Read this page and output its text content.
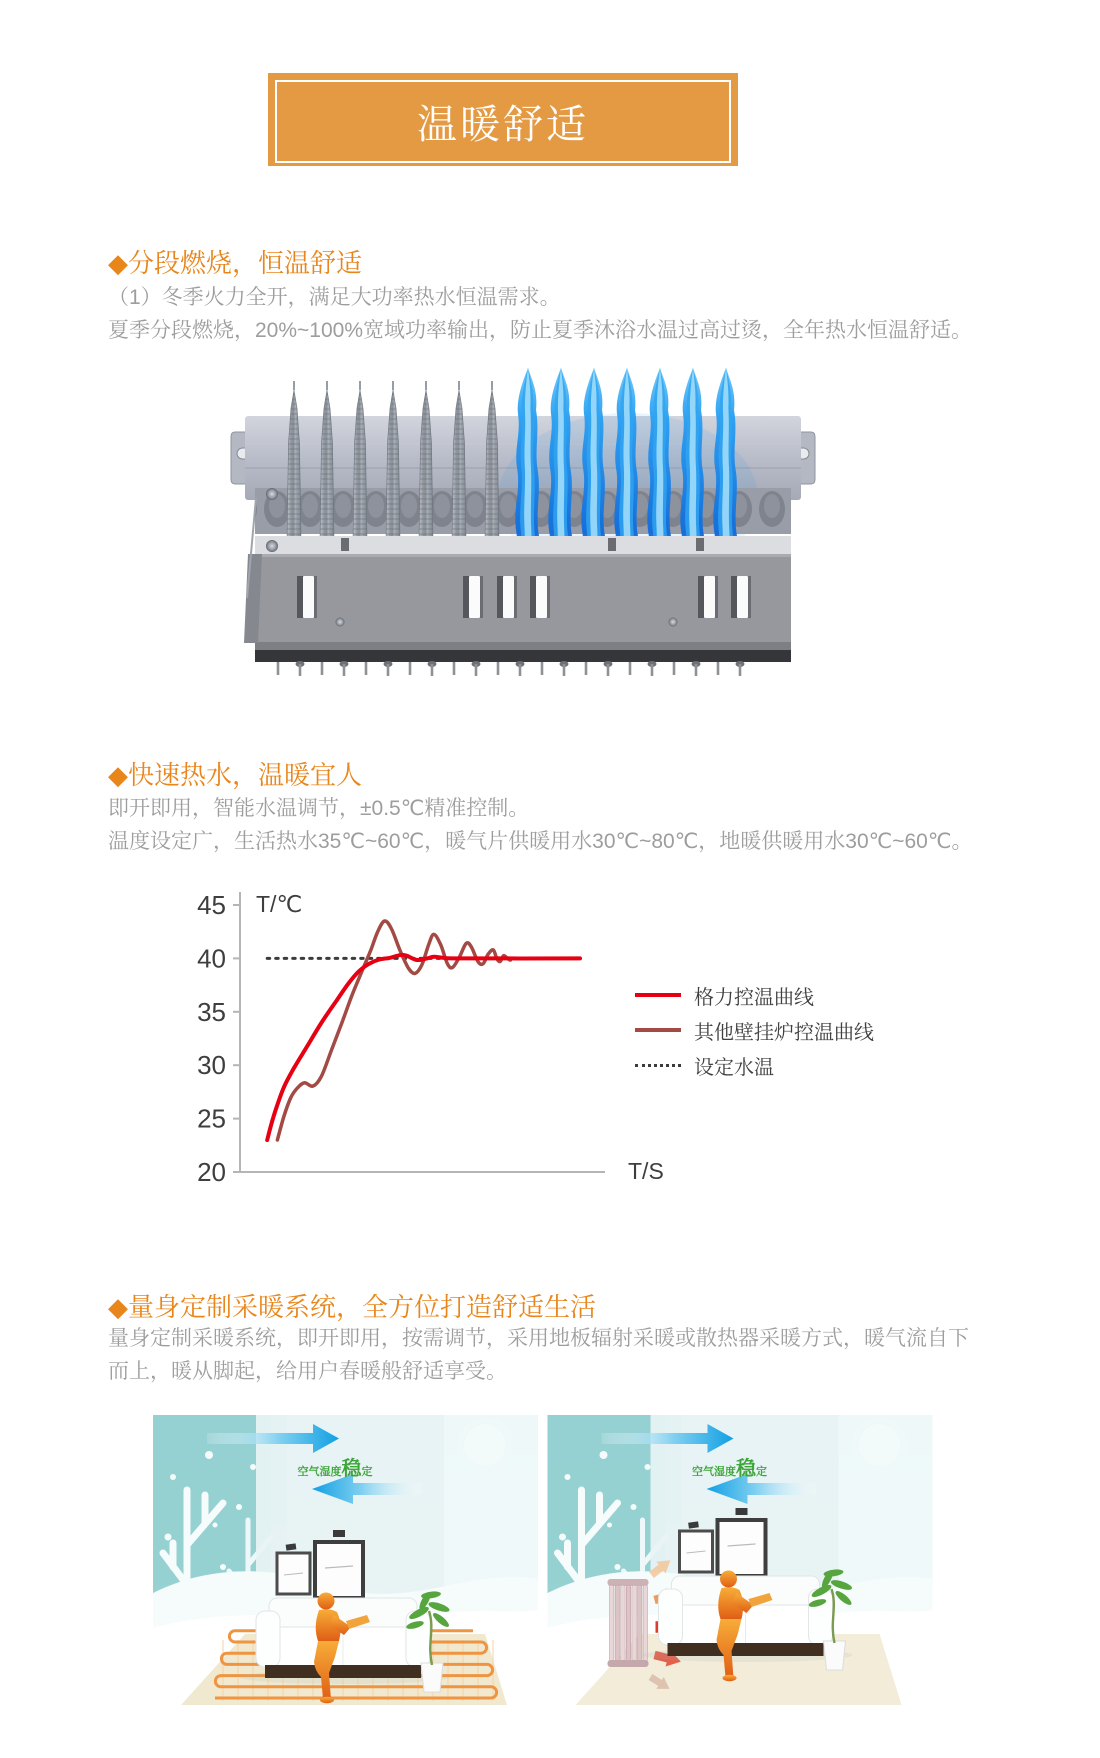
温暖舒适
◆分段燃烧，恒温舒适
（1）冬季火力全开，满足大功率热水恒温需求。
夏季分段燃烧，20%~100%宽域功率输出，防止夏季沐浴水温过高过烫，全年热水恒温舒适。
◆快速热水，温暖宜人
即开即用，智能水温调节，±0.5℃精准控制。
温度设定广，生活热水35℃~60℃，暖气片供暖用水30℃~80℃，地暖供暖用水30℃~60℃。
45
40
35
30
25
20
T/℃
T/S
格力控温曲线
其他壁挂炉控温曲线
设定水温
◆量身定制采暖系统，全方位打造舒适生活
量身定制采暖系统，即开即用，按需调节，采用地板辐射采暖或散热器采暖方式，暖气流自下
而上，暖从脚起，给用户春暖般舒适享受。
空气湿度稳定	空气湿度稳定
